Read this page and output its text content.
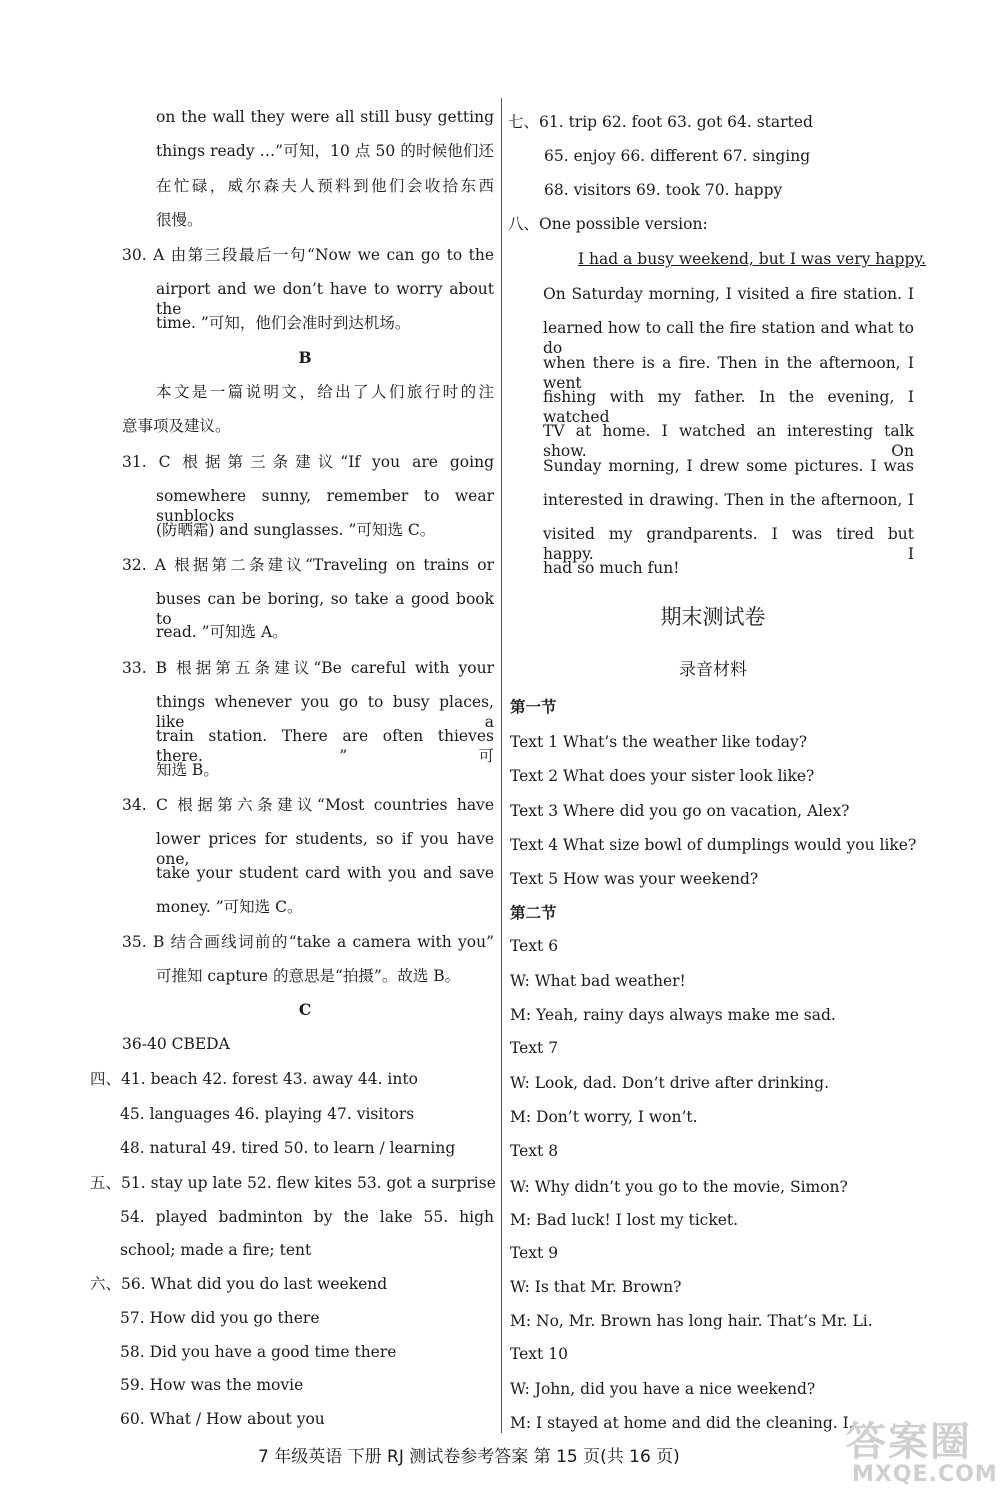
on the wall they were all still busy getting
things ready …”可知，10 点 50 的时候他们还
在忙碌，威尔森夫人预料到他们会收拾东西
很慢。
30. A 由第三段最后一句“Now we can go to the
airport and we don’t have to worry about the
time. ”可知，他们会准时到达机场。
B
本文是一篇说明文，给出了人们旅行时的注
意事项及建议。
31. C 根据第三条建议“If you are going
somewhere sunny, remember to wear sunblocks
(防晒霜) and sunglasses. ”可知选 C。
32. A 根据第二条建议“Traveling on trains or
buses can be boring, so take a good book to
read. ”可知选 A。
33. B 根据第五条建议“Be careful with your
things whenever you go to busy places, like a
train station. There are often thieves there. ”可
知选 B。
34. C 根据第六条建议“Most countries have
lower prices for students, so if you have one,
take your student card with you and save
money. ”可知选 C。
35. B 结合画线词前的“take a camera with you”
可推知 capture 的意思是“拍摄”。故选 B。
C
36-40 CBEDA
四、41. beach 42. forest 43. away 44. into
45. languages 46. playing 47. visitors
48. natural 49. tired 50. to learn / learning
五、51. stay up late 52. flew kites 53. got a surprise
54. played badminton by the lake 55. high
school; made a fire; tent
六、56. What did you do last weekend
57. How did you go there
58. Did you have a good time there
59. How was the movie
60. What / How about you
期末测试卷
录音材料
七、61. trip 62. foot 63. got 64. started
65. enjoy 66. different 67. singing
68. visitors 69. took 70. happy
八、One possible version:
I had a busy weekend, but I was very happy.
On Saturday morning, I visited a fire station. I
learned how to call the fire station and what to do
when there is a fire. Then in the afternoon, I went
fishing with my father. In the evening, I watched
TV at home. I watched an interesting talk show. On
Sunday morning, I drew some pictures. I was
interested in drawing. Then in the afternoon, I
visited my grandparents. I was tired but happy. I
had so much fun!
第一节
Text 1 What’s the weather like today?
Text 2 What does your sister look like?
Text 3 Where did you go on vacation, Alex?
Text 4 What size bowl of dumplings would you like?
Text 5 How was your weekend?
第二节
Text 6
W: What bad weather!
M: Yeah, rainy days always make me sad.
Text 7
W: Look, dad. Don’t drive after drinking.
M: Don’t worry, I won’t.
Text 8
W: Why didn’t you go to the movie, Simon?
M: Bad luck! I lost my ticket.
Text 9
W: Is that Mr. Brown?
M: No, Mr. Brown has long hair. That’s Mr. Li.
Text 10
W: John, did you have a nice weekend?
M: I stayed at home and did the cleaning. I...
7 年级英语 下册 RJ 测试卷参考答案 第 15 页(共 16 页)	答案圈
MXQE.COM
